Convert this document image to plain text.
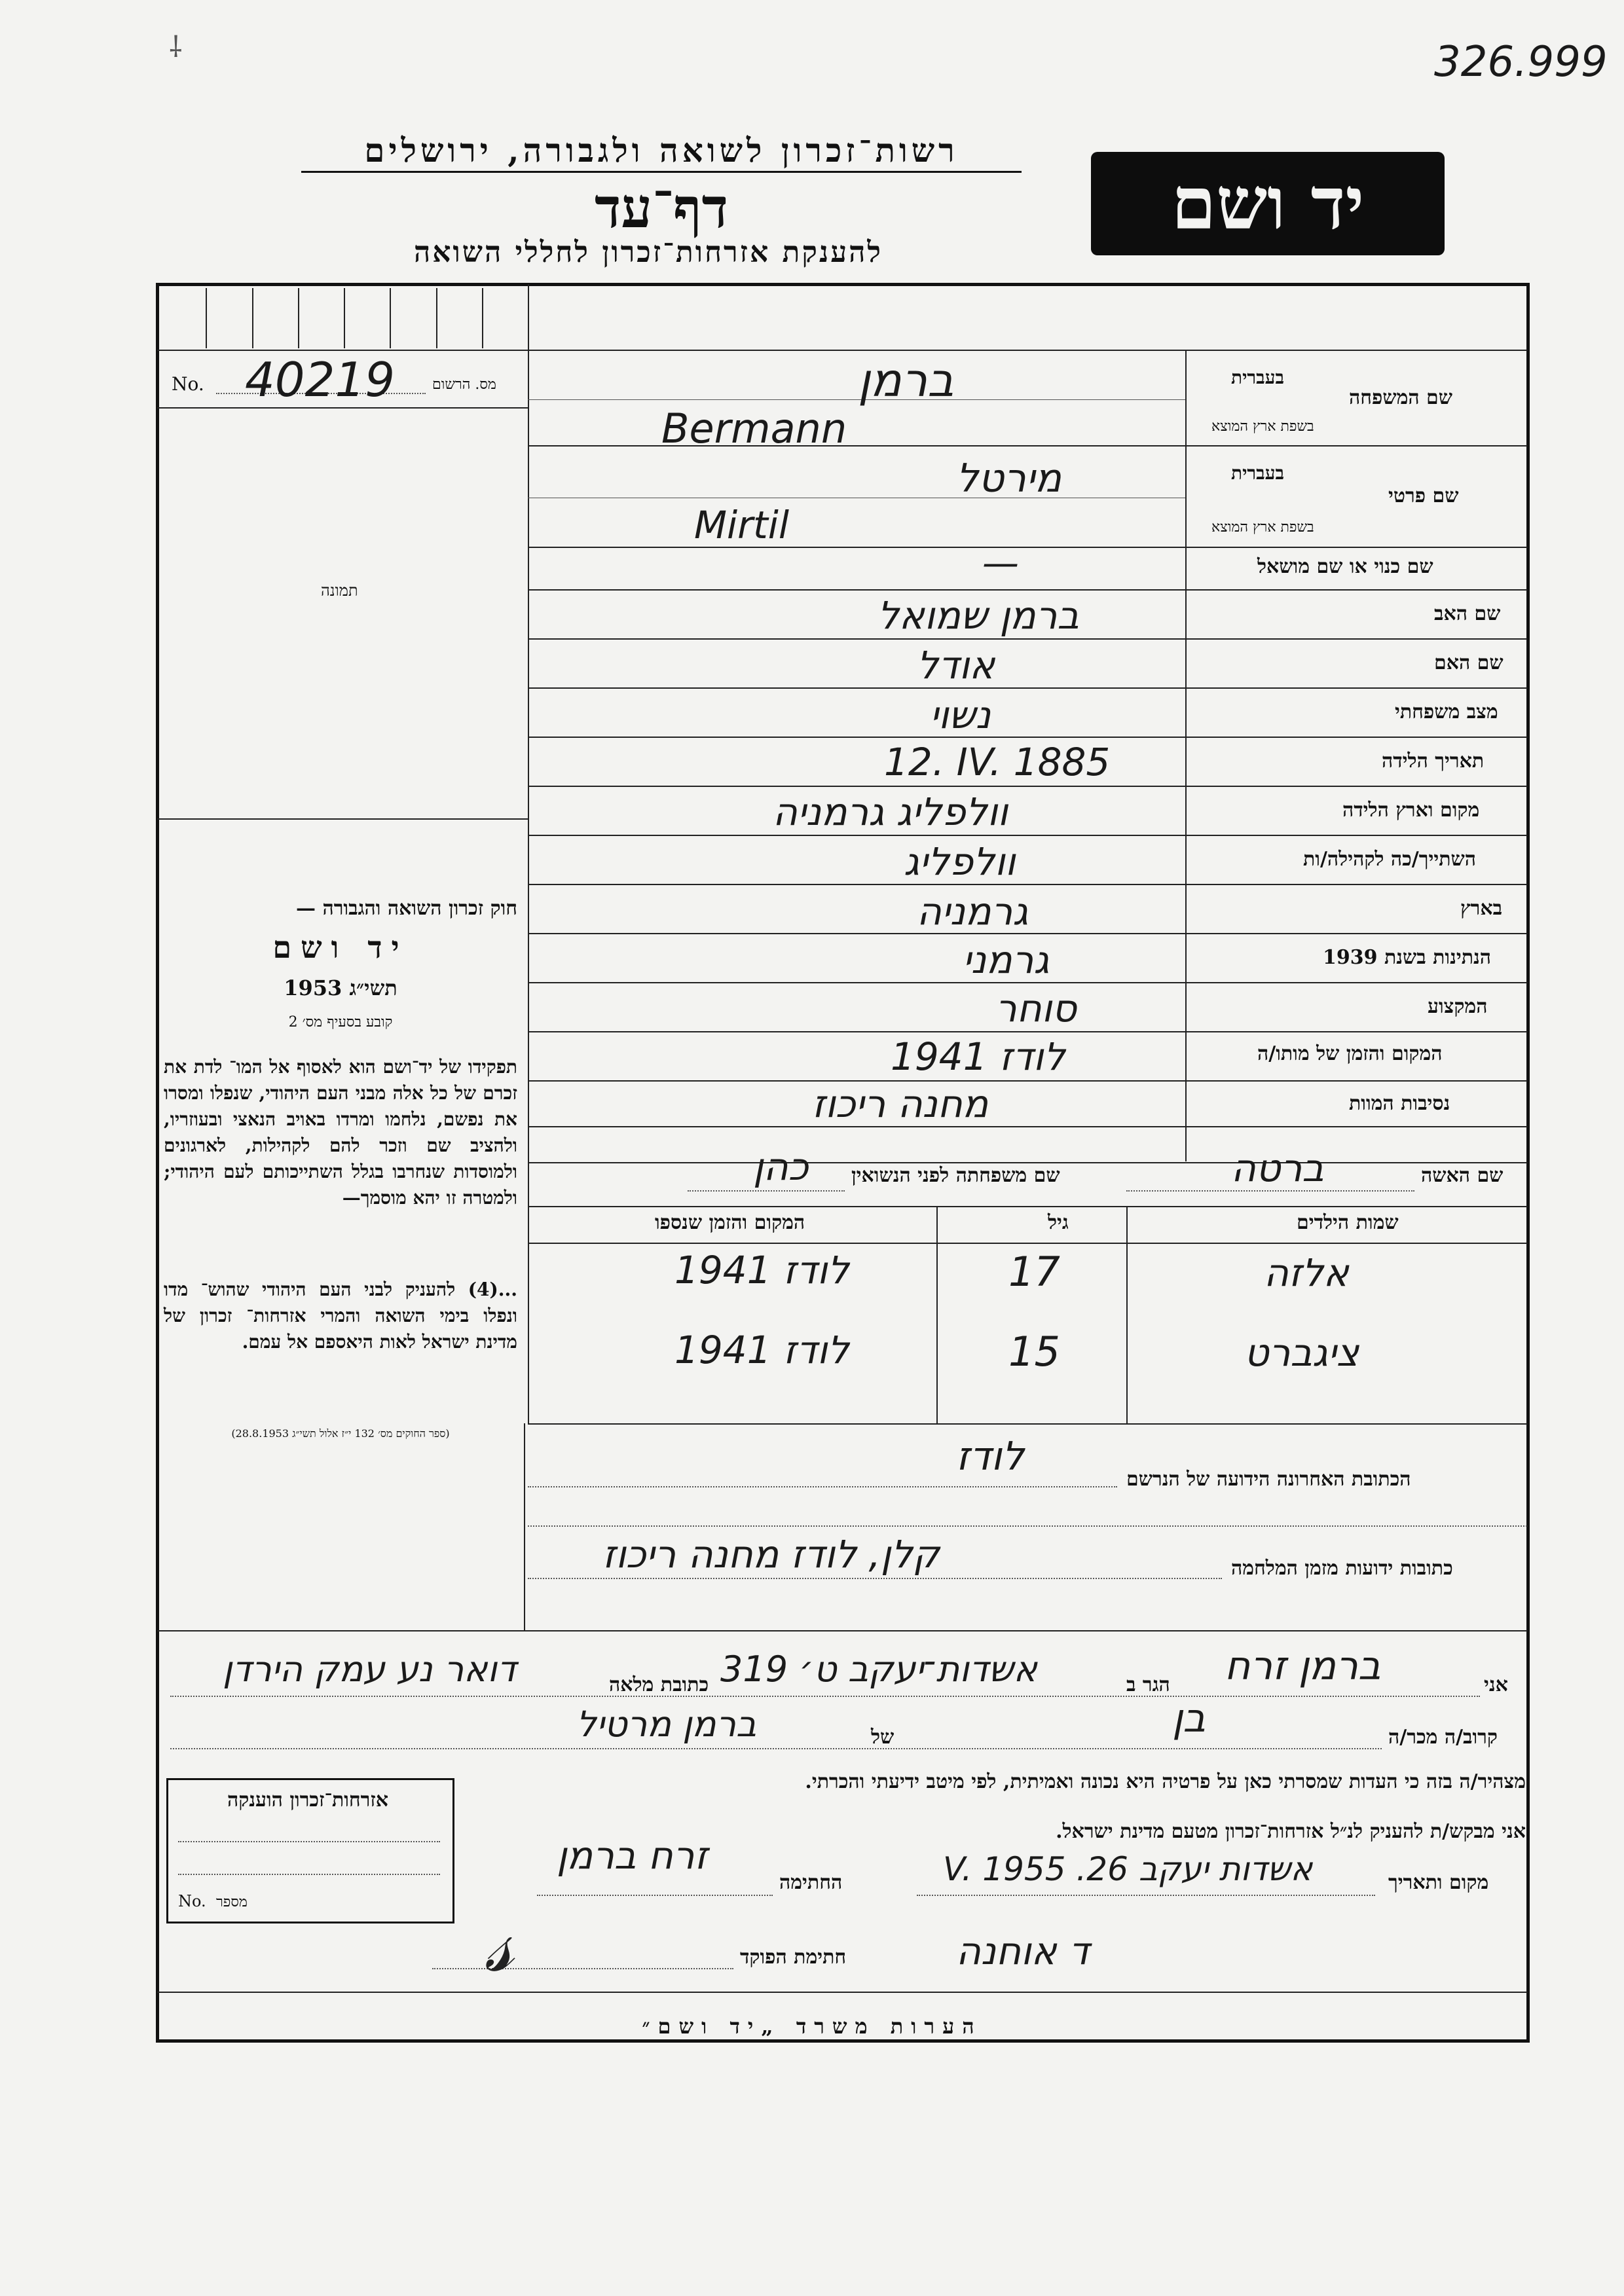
326.999
⸸
רשות־זכרון לשואה ולגבורה, ירושלים
דף־עד
להענקת אזרחות־זכרון לחללי השואה
יד ושם
No. 40219	מס. הרשום
תמונה
חוק זכרון השואה והגבורה —
יד ושם
תשי״ג 1953
קובע בסעיף מס׳ 2
תפקידו של יד־ושם הוא לאסוף אל המו־ לדת את זכרם של כל אלה מבני העם היהודי, שנפלו ומסרו את נפשם, נלחמו ומרדו באויב הנאצי ובעוזריו, ולהציב שם וזכר להם לקהילות, לארגונים ולמוסדות שנחרבו בגלל השתייכותם לעם היהודי; ולמטרה זו יהא מוסמך—
...(4) להעניק לבני העם היהודי שהוש־ מדו ונפלו בימי השואה והמרי אזרחות־ זכרון של מדינת ישראל לאות היאספם אל עמם.
(ספר החוקים מס׳ 132 י״ז אלול תשי״ג 28.8.1953)
בעברית
שם המשפחה
בשפת ארץ המוצא
בעברית
שם פרטי
בשפת ארץ המוצא
שם כנוי או שם מושאל
שם האב
שם האם
מצב משפחתי
תאריך הלידה
מקום וארץ הלידה
השתייך/כה לקהילה/ות
בארץ
הנתינות בשנת 1939
המקצוע
המקום והזמן של מותו/ה
נסיבות המוות
ברמן
Bermann
מירטל
Mirtil
—
ברמן שמואל
אודל
נשוי
12. IV. 1885
וולפליג גרמניה
וולפליג
גרמניה
גרמני
סוחר
לודז 1941
מחנה ריכוז
שם האשה
ברטה
שם משפחתה לפני הנשואין
כהן
שמות הילדים
גיל
המקום והזמן שנספו
אלזה
17
לודז 1941
ציגברט
15
לודז 1941
הכתובת האחרונה הידועה של הנרשם
לודז
כתובות ידועות מזמן המלחמה
קלן, לודז מחנה ריכוז
אני
ברמן זרח
הגר ב
אשדות־יעקב ט׳ 319
כתובת מלאה
דואר נע עמק הירדן
קרוב/ה מכר/ה
בן
של
ברמן מרטיל
מצהיר/ה בזה כי העדות שמסרתי כאן על פרטיה היא נכונה ואמיתית, לפי מיטב ידיעתי והכרתי.
אני מבקש/ת להעניק לנ״ל אזרחות־זכרון מטעם מדינת ישראל.
מקום ותאריך
אשדות יעקב 26. V. 1955
החתימה
זרח ברמן
חתימת הפוקד
𝓈	ד אוחנה
אזרחות־זכרון הוענקה
No. מספר
הערות משרד „יד ושם״
